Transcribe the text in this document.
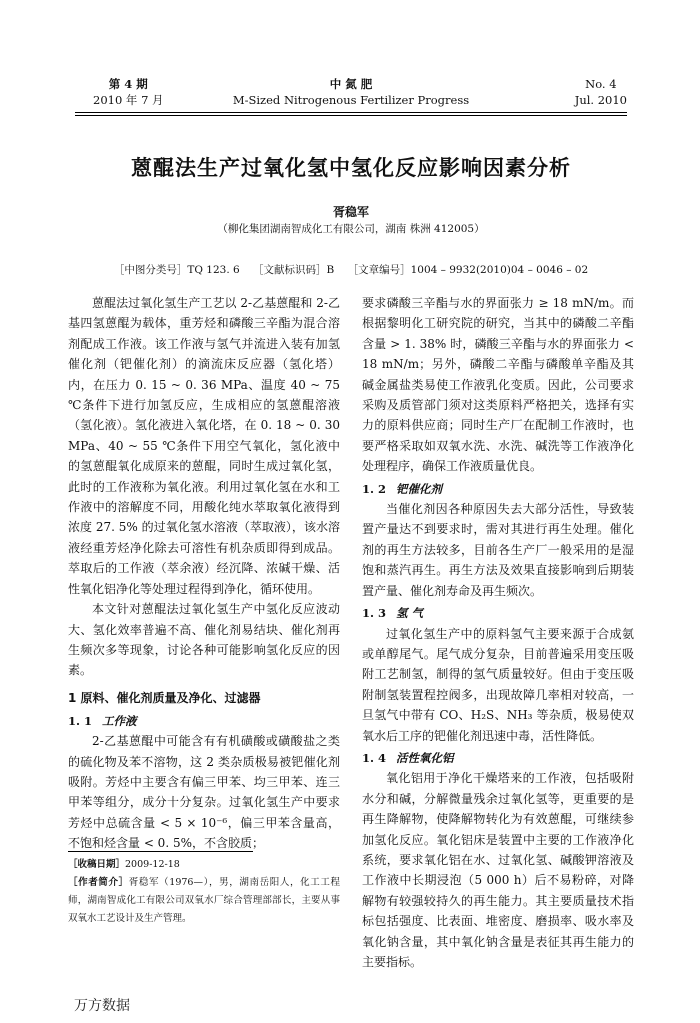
第 4 期
2010 年 7 月
中 氮 肥
M-Sized Nitrogenous Fertilizer Progress
No. 4
Jul. 2010
蒽醌法生产过氧化氢中氢化反应影响因素分析
胥稳军
（柳化集团湖南智成化工有限公司，湖南 株洲 412005）
［中图分类号］TQ 123. 6 ［文献标识码］B ［文章编号］1004 – 9932(2010)04 – 0046 – 02

蒽醌法过氧化氢生产工艺以 2-乙基蒽醌和 2-乙基四氢蒽醌为载体，重芳烃和磷酸三辛酯为混合溶剂配成工作液。该工作液与氢气并流进入装有加氢催化剂（钯催化剂）的滴流床反应器（氢化塔）内，在压力 0. 15 ~ 0. 36 MPa、温度 40 ~ 75 ℃条件下进行加氢反应，生成相应的氢蒽醌溶液（氢化液）。氢化液进入氧化塔，在 0. 18 ~ 0. 30 MPa、40 ~ 55 ℃条件下用空气氧化，氢化液中的氢蒽醌氧化成原来的蒽醌，同时生成过氧化氢，此时的工作液称为氧化液。利用过氧化氢在水和工作液中的溶解度不同，用酸化纯水萃取氧化液得到浓度 27. 5% 的过氧化氢水溶液（萃取液），该水溶液经重芳烃净化除去可溶性有机杂质即得到成品。萃取后的工作液（萃余液）经沉降、浓碱干燥、活性氧化铝净化等处理过程得到净化，循环使用。

本文针对蒽醌法过氧化氢生产中氢化反应波动大、氢化效率普遍不高、催化剂易结块、催化剂再生频次多等现象，讨论各种可能影响氢化反应的因素。

1 原料、催化剂质量及净化、过滤器
1. 1 工作液

2-乙基蒽醌中可能含有有机磺酸或磺酸盐之类的硫化物及苯不溶物，这 2 类杂质极易被钯催化剂吸附。芳烃中主要含有偏三甲苯、均三甲苯、连三甲苯等组分，成分十分复杂。过氧化氢生产中要求芳烃中总硫含量 < 5 × 10⁻⁶，偏三甲苯含量高，不饱和烃含量 < 0. 5%，不含胶质；

［收稿日期］2009-12-18

［作者简介］胥稳军（1976—），男，湖南岳阳人，化工工程师，湖南智成化工有限公司双氧水厂综合管理部部长，主要从事双氧水工艺设计及生产管理。

要求磷酸三辛酯与水的界面张力 ≥ 18 mN/m。而根据黎明化工研究院的研究，当其中的磷酸二辛酯含量 > 1. 38% 时，磷酸三辛酯与水的界面张力 < 18 mN/m；另外，磷酸二辛酯与磷酸单辛酯及其碱金属盐类易使工作液乳化变质。因此，公司要求采购及质管部门须对这类原料严格把关，选择有实力的原料供应商；同时生产厂在配制工作液时，也要严格采取如双氧水洗、水洗、碱洗等工作液净化处理程序，确保工作液质量优良。

1. 2 钯催化剂

当催化剂因各种原因失去大部分活性，导致装置产量达不到要求时，需对其进行再生处理。催化剂的再生方法较多，目前各生产厂一般采用的是湿饱和蒸汽再生。再生方法及效果直接影响到后期装置产量、催化剂寿命及再生频次。

1. 3 氢 气

过氧化氢生产中的原料氢气主要来源于合成氨或单醇尾气。尾气成分复杂，目前普遍采用变压吸附工艺制氢，制得的氢气质量较好。但由于变压吸附制氢装置程控阀多，出现故障几率相对较高，一旦氢气中带有 CO、H₂S、NH₃ 等杂质，极易使双氧水后工序的钯催化剂迅速中毒，活性降低。

1. 4 活性氧化铝

氧化铝用于净化干燥塔来的工作液，包括吸附水分和碱，分解微量残余过氧化氢等，更重要的是再生降解物，使降解物转化为有效蒽醌，可继续参加氢化反应。氧化铝床是装置中主要的工作液净化系统，要求氧化铝在水、过氧化氢、碱酸钾溶液及工作液中长期浸泡（5 000 h）后不易粉碎，对降解物有较强较持久的再生能力。其主要质量技术指标包括强度、比表面、堆密度、磨损率、吸水率及氧化钠含量，其中氧化钠含量是表征其再生能力的主要指标。

万方数据
